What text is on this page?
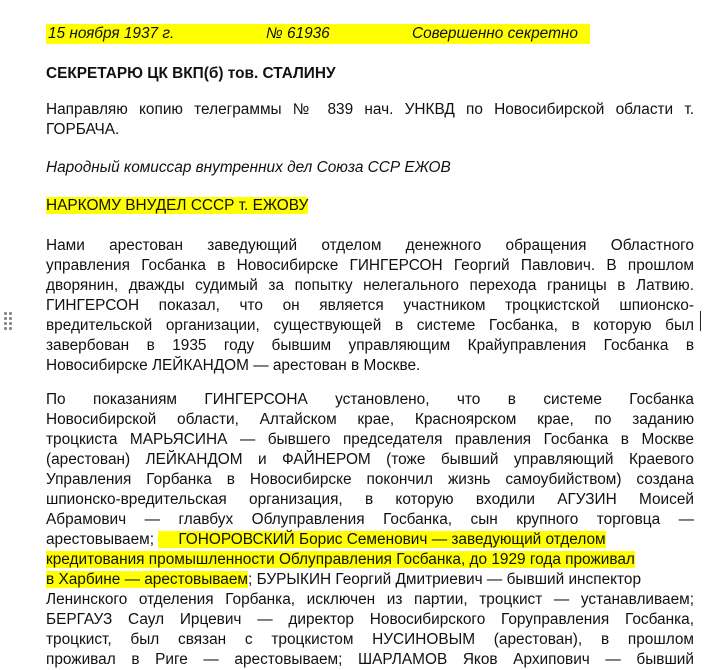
15 ноября 1937 г.	№ 61936	Совершенно секретно
СЕКРЕТАРЮ ЦК ВКП(б) тов. СТАЛИНУ
Направляю копию телеграммы № 839 нач. УНКВД по Новосибирской области т.
ГОРБАЧА.
Народный комиссар внутренних дел Союза ССР ЕЖОВ
НАРКОМУ ВНУДЕЛ СССР т. ЕЖОВУ
Нами арестован заведующий отделом денежного обращения Областного
управления Госбанка в Новосибирске ГИНГЕРСОН Георгий Павлович. В прошлом
дворянин, дважды судимый за попытку нелегального перехода границы в Латвию.
ГИНГЕРСОН показал, что он является участником троцкистской шпионско-
вредительской организации, существующей в системе Госбанка, в которую был
завербован в 1935 году бывшим управляющим Крайуправления Госбанка в
Новосибирске ЛЕЙКАНДОМ — арестован в Москве.
По показаниям ГИНГЕРСОНА установлено, что в системе Госбанка
Новосибирской области, Алтайском крае, Красноярском крае, по заданию
троцкиста МАРЬЯСИНА — бывшего председателя правления Госбанка в Москве
(арестован) ЛЕЙКАНДОМ и ФАЙНЕРОМ (тоже бывший управляющий Краевого
Управления Горбанка в Новосибирске покончил жизнь самоубийством) создана
шпионско-вредительская организация, в которую входили АГУЗИН Моисей
Абрамович — главбух Облуправления Госбанка, сын крупного торговца —
арестовываем; ГОНОРОВСКИЙ Борис Семенович — заведующий отделом
кредитования промышленности Облуправления Госбанка, до 1929 года проживал
в Харбине — арестовываем; БУРЫКИН Георгий Дмитриевич — бывший инспектор
Ленинского отделения Горбанка, исключен из партии, троцкист — устанавливаем;
БЕРГАУЗ Саул Ирцевич — директор Новосибирского Горуправления Госбанка,
троцкист, был связан с троцкистом НУСИНОВЫМ (арестован), в прошлом
проживал в Риге — арестовываем; ШАРЛАМОВ Яков Архипович — бывший
